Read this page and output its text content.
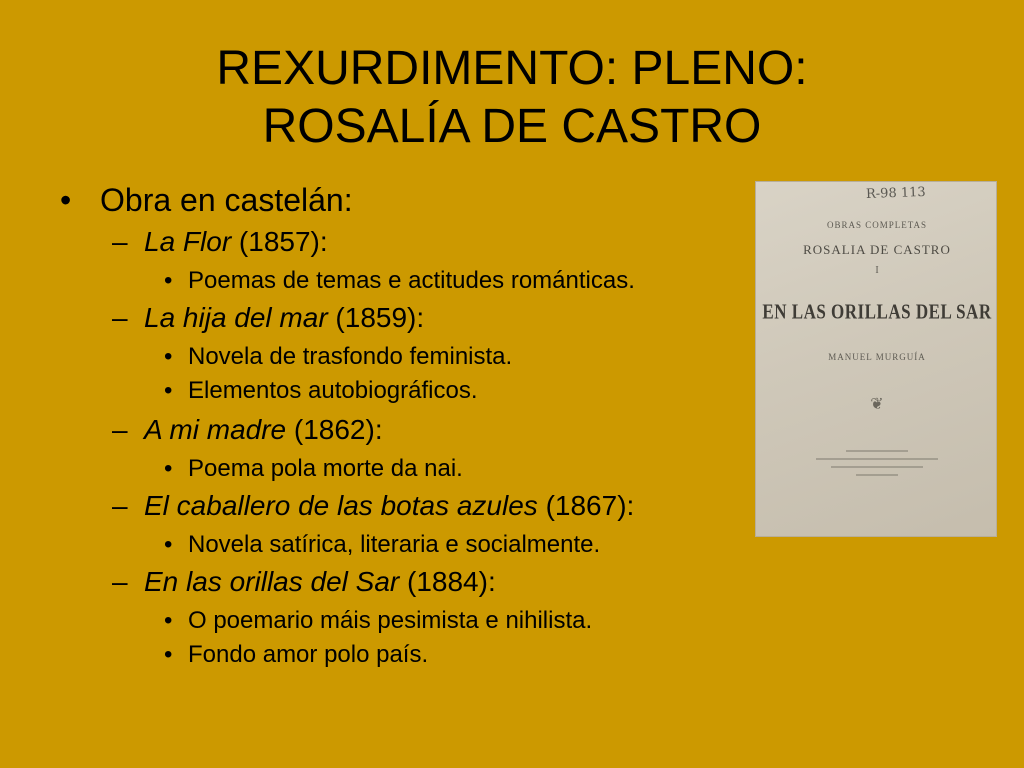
REXURDIMENTO: PLENO:
ROSALÍA DE CASTRO
• Obra en castelán:
– La Flor (1857):
• Poemas de temas e actitudes románticas.
– La hija del mar (1859):
• Novela de trasfondo feminista.
• Elementos autobiográficos.
– A mi madre (1862):
• Poema pola morte da nai.
– El caballero de las botas azules (1867):
• Novela satírica, literaria e socialmente.
– En las orillas del Sar (1884):
• O poemario máis pesimista e nihilista.
• Fondo amor polo país.
R-98 113
OBRAS COMPLETAS
ROSALIA DE CASTRO
I
EN LAS ORILLAS DEL SAR
MANUEL MURGUÍA
❦
